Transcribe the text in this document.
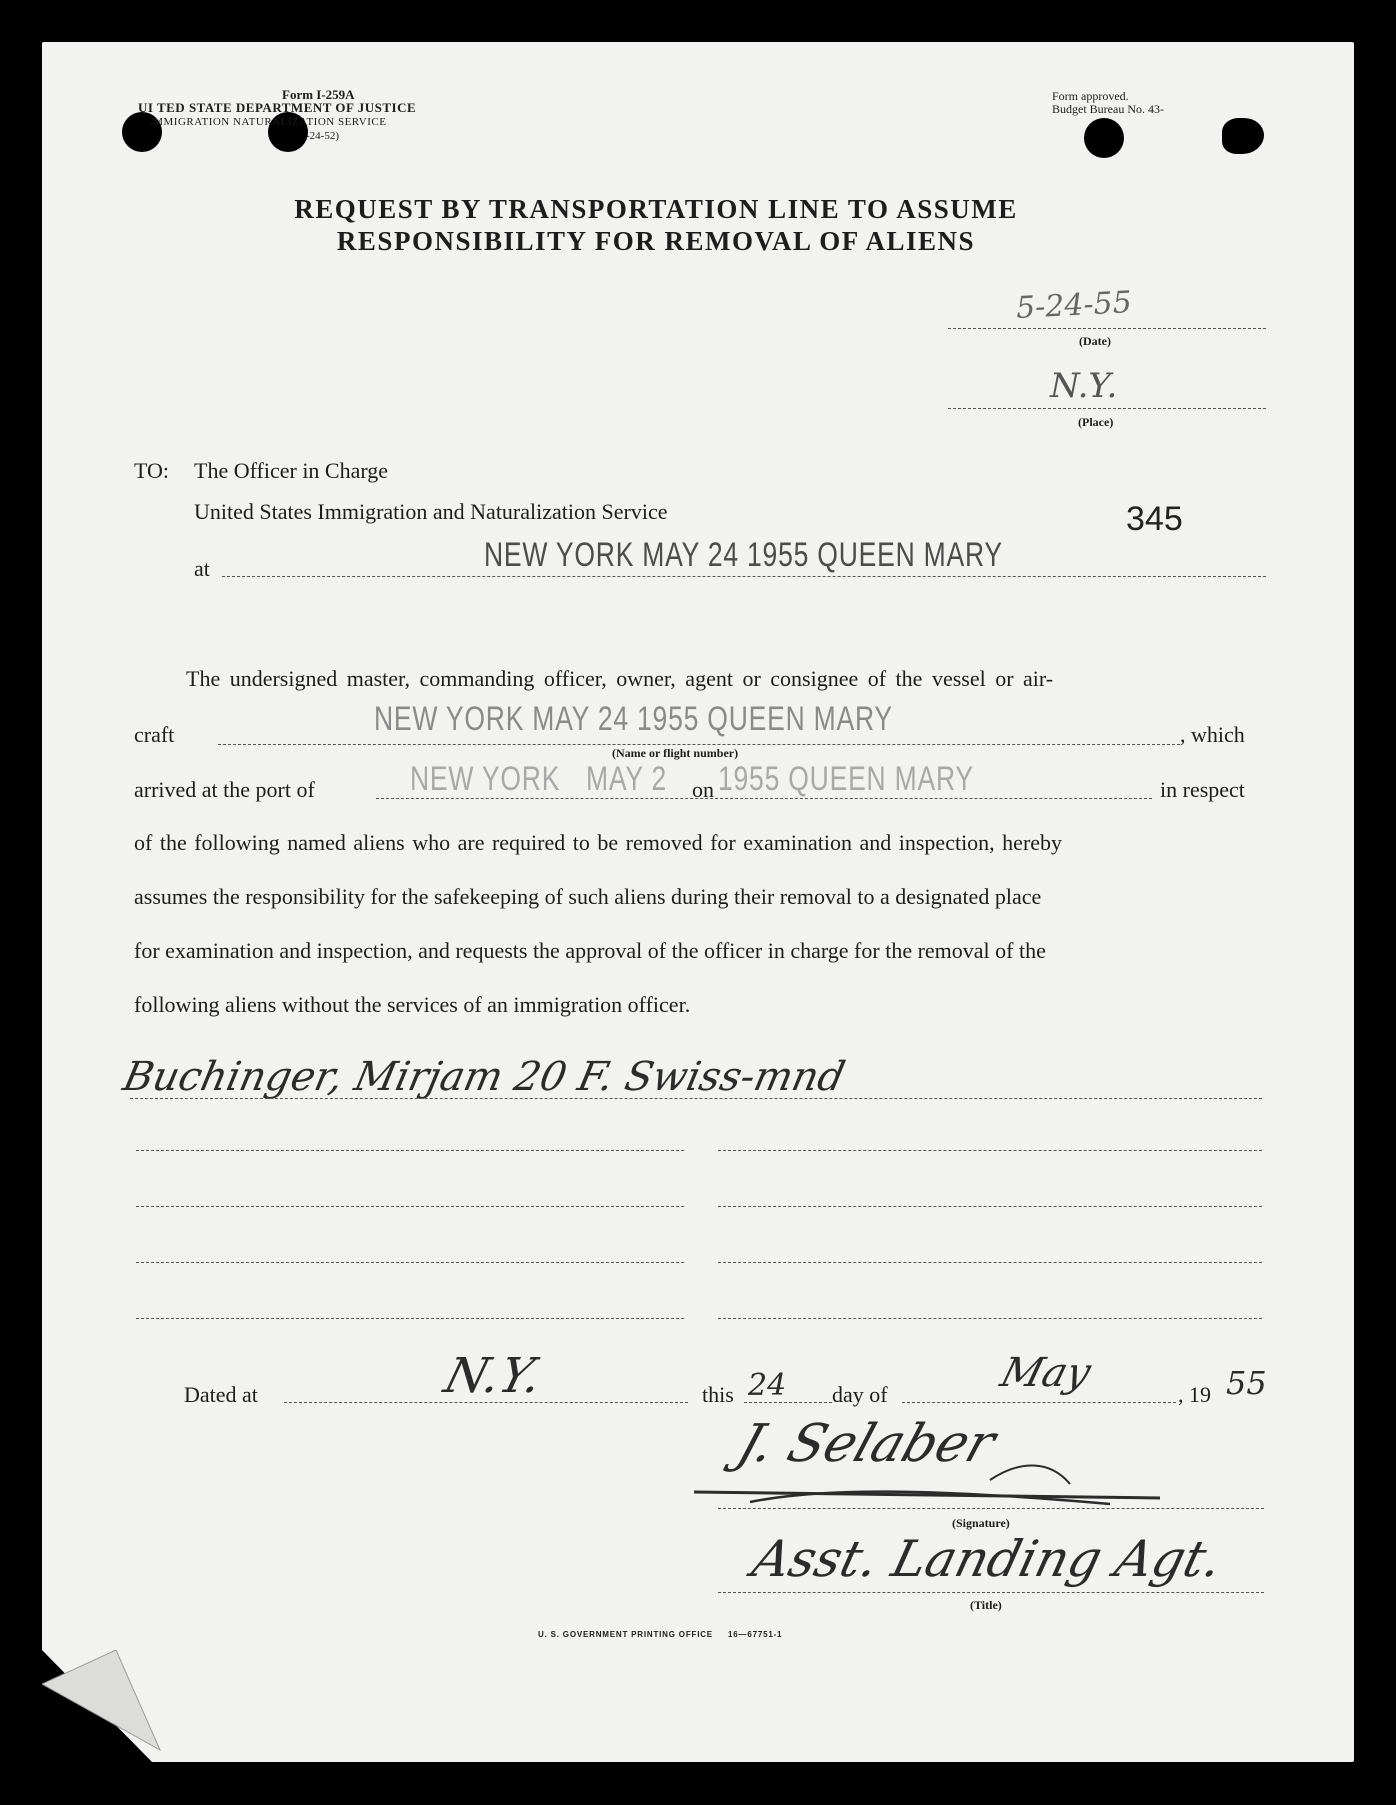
Form I-259A
UI TED STATE DEPARTMENT OF JUSTICE
.MMIGRATION NATURALIZATION SERVICE
-24-52)
Form approved.
Budget Bureau No. 43-
REQUEST BY TRANSPORTATION LINE TO ASSUME
RESPONSIBILITY FOR REMOVAL OF ALIENS
5-24-55
(Date)
N.Y.
(Place)
TO: The Officer in Charge
United States Immigration and Naturalization Service	345
at	NEW YORK MAY 24 1955 QUEEN MARY
The undersigned master, commanding officer, owner, agent or consignee of the vessel or air-
craft	NEW YORK MAY 24 1955 QUEEN MARY	, which
(Name or flight number)
arrived at the port of	NEW YORK MAY 2 on 1955 QUEEN MARY	in respect
of the following named aliens who are required to be removed for examination and inspection, hereby
assumes the responsibility for the safekeeping of such aliens during their removal to a designated place
for examination and inspection, and requests the approval of the officer in charge for the removal of the
following aliens without the services of an immigration officer.
Buchinger, Mirjam 20 F. Swiss-mnd
Dated at	N.Y.	this 24 day of	May	, 19 55
J. Selaber
(Signature)
Asst. Landing Agt.
(Title)
U. S. GOVERNMENT PRINTING OFFICE     16—67751-1
